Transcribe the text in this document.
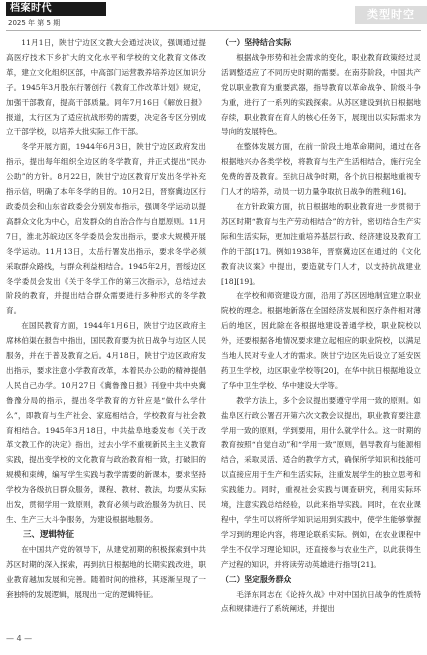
档案时代
2025 年 第 5 期
类型时空

11月1日，陕甘宁边区文教大会通过决议，强调通过提高医疗技术下乡扩大的文化水平和学校的文化教育文体改革，建立文化组织区部，中高部门运营教养培养边区加识分子。1945年3月股东行署创行《教育工作改革计划》规定，加强干部教育，提高干部质量。同年7月16日《解放日报》报道，太行区为了适应抗战形势的需要，决定各专区分别成立干部学校，以培养大批实际工作干部。

冬学开展方面，1944年6月3日，陕甘宁边区政府发出指示，提出每年组织全边区的冬学教育，并正式提出“民办公助”的方针。8月22日，陕甘宁边区教育厅发出冬学补充指示信，明确了本年冬学的目的。10月2日，晋察冀边区行政委员会和山东省政委会分别发布指示，强调冬学运动以提高群众文化为中心，启发群众的自治合作与自愿原则。11月7日，淮北苏皖边区冬学委员会发出指示，要求大规模开展冬学运动。11月13日，太岳行署发出指示，要求冬学必须采取群众路线，与群众利益相结合。1945年2月，晋绥边区冬学委员会发出《关于冬学工作的第三次指示》，总结过去阶段的教育，并提出结合群众需要进行多种形式的冬学教育。

在国民教育方面，1944年1月6日，陕甘宁边区政府主席林伯渠在报告中指出，国民教育要为抗日战争与边区人民服务，并在于普及教育之后。4月18日，陕甘宁边区政府发出指示，要求注意小学教育改革，本着民办公助的精神提倡人民自己办学。10月27日《冀鲁豫日报》刊登中共中央冀鲁豫分局的指示，提出冬学教育的方针应是“做什么学什么”，即教育与生产社会、家庭相结合，学校教育与社会教育相结合。1945年3月18日，中共盐阜地委发布《关于改革文教工作的决定》指出，过去小学不重视新民主主义教育实践，提出变学校的文化教育与政治教育相一致，打破旧的规模和束缚，编写学生实践与教学需要的新课本，要求坚持学校为各级抗日群众服务，课程、教材、教法，均要从实际出发，贯彻学用一致原则，教育必须与政治服务为抗日、民生、生产三大斗争服务，为建设根据地服务。

三、逻辑特征

在中国共产党的领导下，从建党初期的积极探索到中共苏区时期的深入探索，再到抗日根据地的长期实践改进，职业教育越加发展和完善。随着时间的推移，其逐渐呈现了一套独特的发展逻辑，展现出一定的逻辑特征。

（一）坚持结合实际

根据战争形势和社会需求的变化，职业教育政策经过灵活调整适应了不同历史时期的需要。在南芬阶段，中国共产党以职业教育为重要武器，指导教育以革命战争、阶级斗争为重，进行了一系列的实践探索。从苏区建设到抗日根据地存续，职业教育在育人的核心任务下，展现出以实际需求为导向的发展特色。

在整体发展方面，在前一阶段土地革命期间，通过在各根据地兴办各类学校，将教育与生产生活相结合，施行完全免费的普及教育。至抗日战争时期，各个抗日根据地重视专门人才的培养，动员一切力量争取抗日战争的胜利[16]。

在方针政策方面，抗日根据地的职业教育进一步贯彻于苏区时期“教育与生产劳动相结合”的方针，密切结合生产实际和生活实际，更加注重培养基层行政、经济建设及教育工作的干部[17]。例如1938年，晋察冀边区在通过的《文化教育决议案》中提出，要造就专门人才，以支持抗战建业[18][19]。

在学校和师资建设方面，沿用了苏区因地制宜建立职业院校的理念。根据地新落在全国经济发展和医疗条件相对薄后的地区，因此除在各根据地建设普通学校，职业院校以外，还要根据各地情况要求建立起相应的职业院校，以满足当地人民对专业人才的需求。陕甘宁边区先后设立了延安医药卫生学校，边区职业学校等[20]，在华中抗日根据地设立了华中卫生学校、华中建设大学等。

教学方法上，多个会议提出要遵守学用一致的原则。如盐阜区行政公署召开第六次文教会议提出，职业教育要注意学用一致的原则，学到要用，用什么就学什么。这一时期的教育按照“自觉自动”和“学用一致”原则，倡导教育与能源相结合，采取灵活、适合的教学方式，确保所学知识和技能可以直接应用于生产和生活实际，注重发展学生的独立思考和实践能力。同时，重视社会实践与调查研究，利用实际环境，注意实践总结经验，以此来指导实践。同时，在农业课程中，学生可以将所学知识运用到实践中，使学生能够掌握学习到的理论内容，将理论联系实际。例如，在农业课程中学生不仅学习理论知识，还直接参与农业生产，以此获得生产过程的知识，并将读劳动英雄进行指导[21]。

（二）坚定服务群众

毛泽东同志在《论持久战》中对中国抗日战争的性质特点和规律进行了系统阐述，并提出

— 4 —
